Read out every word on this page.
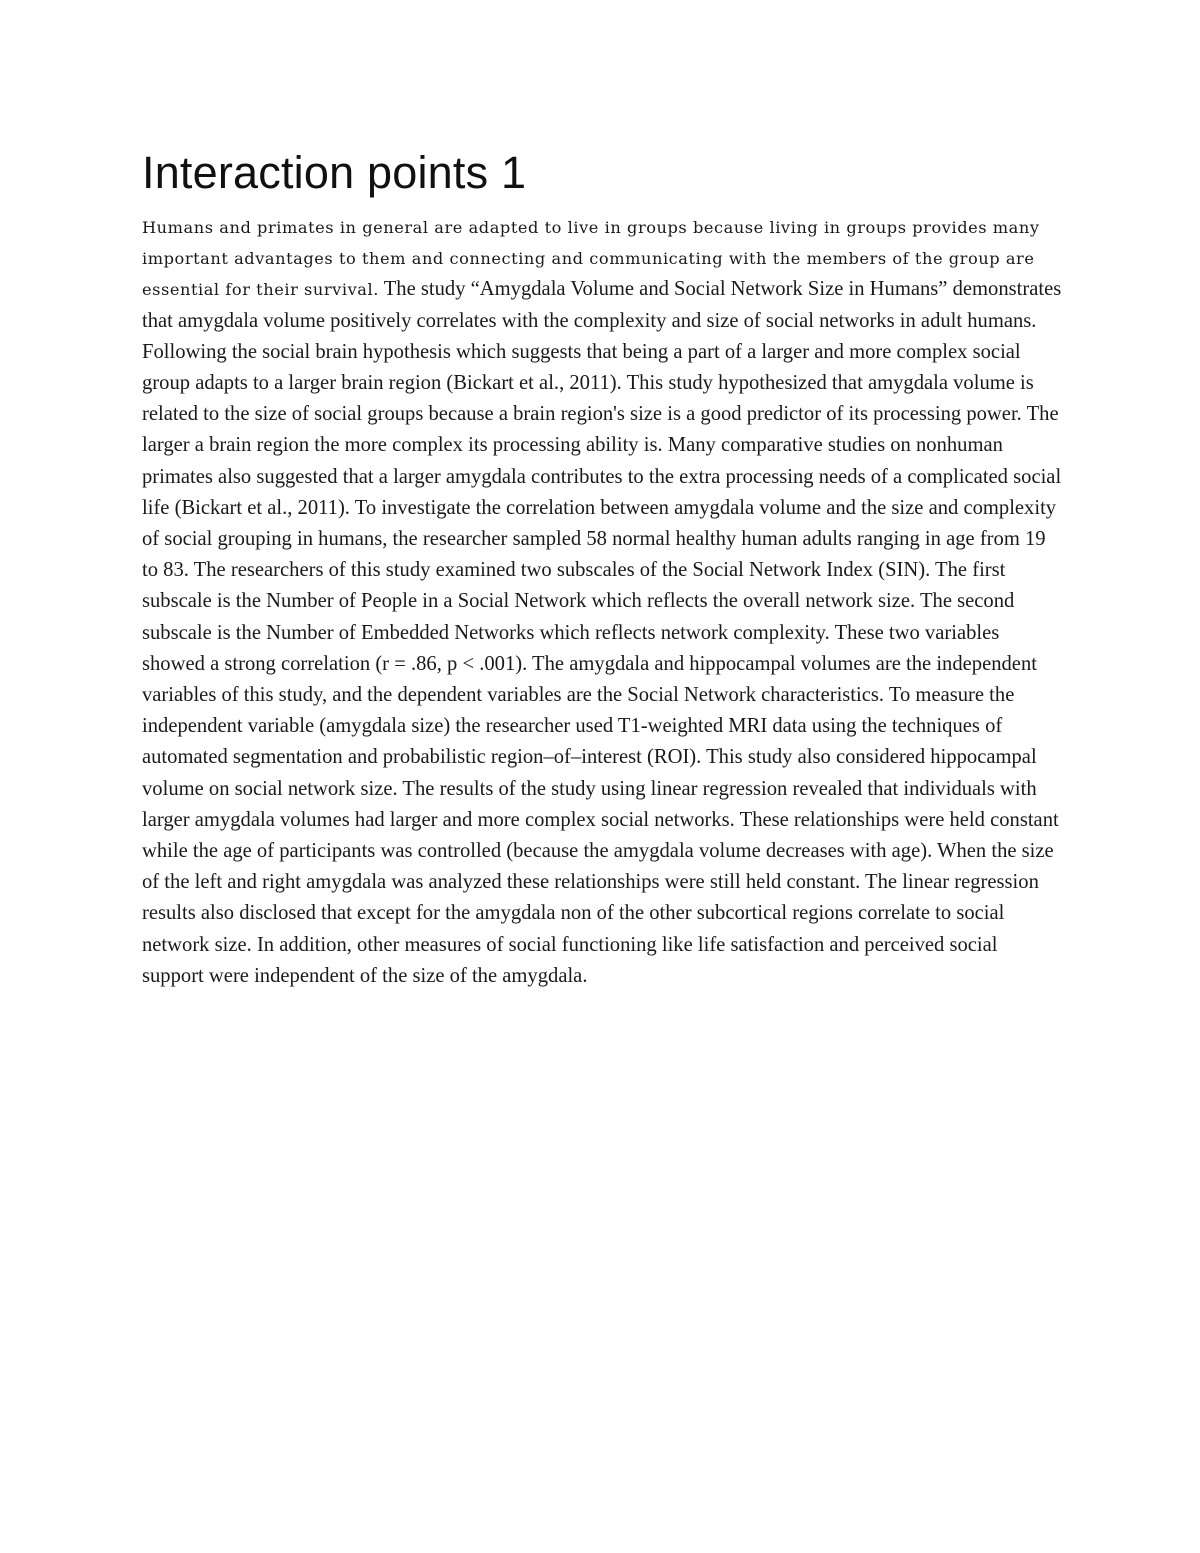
Interaction points 1

Humans and primates in general are adapted to live in groups because living in groups provides many important advantages to them and connecting and communicating with the members of the group are essential for their survival. The study “Amygdala Volume and Social Network Size in Humans” demonstrates that amygdala volume positively correlates with the complexity and size of social networks in adult humans. Following the social brain hypothesis which suggests that being a part of a larger and more complex social group adapts to a larger brain region (Bickart et al., 2011). This study hypothesized that amygdala volume is related to the size of social groups because a brain region's size is a good predictor of its processing power. The larger a brain region the more complex its processing ability is. Many comparative studies on nonhuman primates also suggested that a larger amygdala contributes to the extra processing needs of a complicated social life (Bickart et al., 2011). To investigate the correlation between amygdala volume and the size and complexity of social grouping in humans, the researcher sampled 58 normal healthy human adults ranging in age from 19 to 83. The researchers of this study examined two subscales of the Social Network Index (SIN). The first subscale is the Number of People in a Social Network which reflects the overall network size. The second subscale is the Number of Embedded Networks which reflects network complexity. These two variables showed a strong correlation (r = .86, p < .001). The amygdala and hippocampal volumes are the independent variables of this study, and the dependent variables are the Social Network characteristics. To measure the independent variable (amygdala size) the researcher used T1-weighted MRI data using the techniques of automated segmentation and probabilistic region–of–interest (ROI). This study also considered hippocampal volume on social network size. The results of the study using linear regression revealed that individuals with larger amygdala volumes had larger and more complex social networks. These relationships were held constant while the age of participants was controlled (because the amygdala volume decreases with age). When the size of the left and right amygdala was analyzed these relationships were still held constant. The linear regression results also disclosed that except for the amygdala non of the other subcortical regions correlate to social network size. In addition, other measures of social functioning like life satisfaction and perceived social support were independent of the size of the amygdala.
